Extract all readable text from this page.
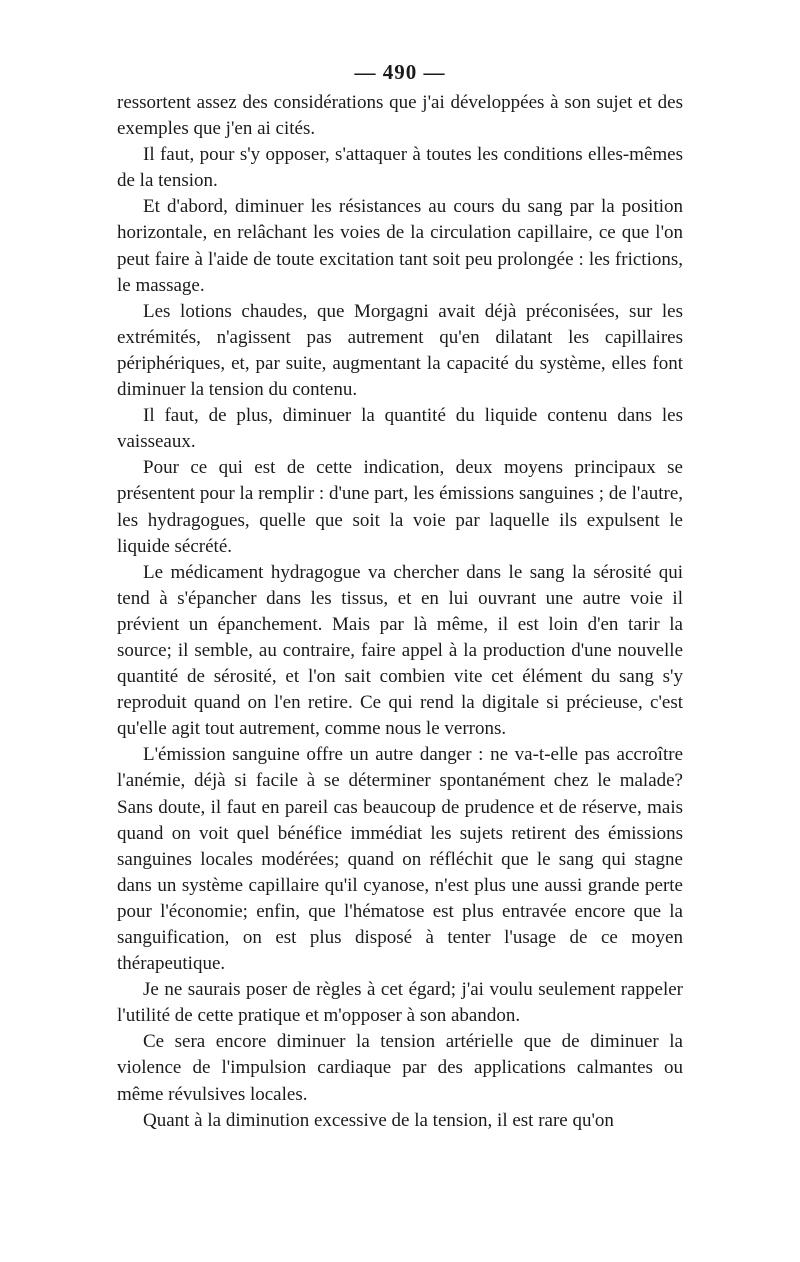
— 490 —

ressortent assez des considérations que j'ai développées à son sujet et des exemples que j'en ai cités.

Il faut, pour s'y opposer, s'attaquer à toutes les conditions elles-mêmes de la tension.

Et d'abord, diminuer les résistances au cours du sang par la position horizontale, en relâchant les voies de la circulation capillaire, ce que l'on peut faire à l'aide de toute excitation tant soit peu prolongée : les frictions, le massage.

Les lotions chaudes, que Morgagni avait déjà préconisées, sur les extrémités, n'agissent pas autrement qu'en dilatant les capillaires périphériques, et, par suite, augmentant la capacité du système, elles font diminuer la tension du contenu.

Il faut, de plus, diminuer la quantité du liquide contenu dans les vaisseaux.

Pour ce qui est de cette indication, deux moyens principaux se présentent pour la remplir : d'une part, les émissions sanguines ; de l'autre, les hydragogues, quelle que soit la voie par laquelle ils expulsent le liquide sécrété.

Le médicament hydragogue va chercher dans le sang la sérosité qui tend à s'épancher dans les tissus, et en lui ouvrant une autre voie il prévient un épanchement. Mais par là même, il est loin d'en tarir la source; il semble, au contraire, faire appel à la production d'une nouvelle quantité de sérosité, et l'on sait combien vite cet élément du sang s'y reproduit quand on l'en retire. Ce qui rend la digitale si précieuse, c'est qu'elle agit tout autrement, comme nous le verrons.

L'émission sanguine offre un autre danger : ne va-t-elle pas accroître l'anémie, déjà si facile à se déterminer spontanément chez le malade? Sans doute, il faut en pareil cas beaucoup de prudence et de réserve, mais quand on voit quel bénéfice immédiat les sujets retirent des émissions sanguines locales modérées; quand on réfléchit que le sang qui stagne dans un système capillaire qu'il cyanose, n'est plus une aussi grande perte pour l'économie; enfin, que l'hématose est plus entravée encore que la sanguification, on est plus disposé à tenter l'usage de ce moyen thérapeutique.

Je ne saurais poser de règles à cet égard; j'ai voulu seulement rappeler l'utilité de cette pratique et m'opposer à son abandon.

Ce sera encore diminuer la tension artérielle que de diminuer la violence de l'impulsion cardiaque par des applications calmantes ou même révulsives locales.

Quant à la diminution excessive de la tension, il est rare qu'on
